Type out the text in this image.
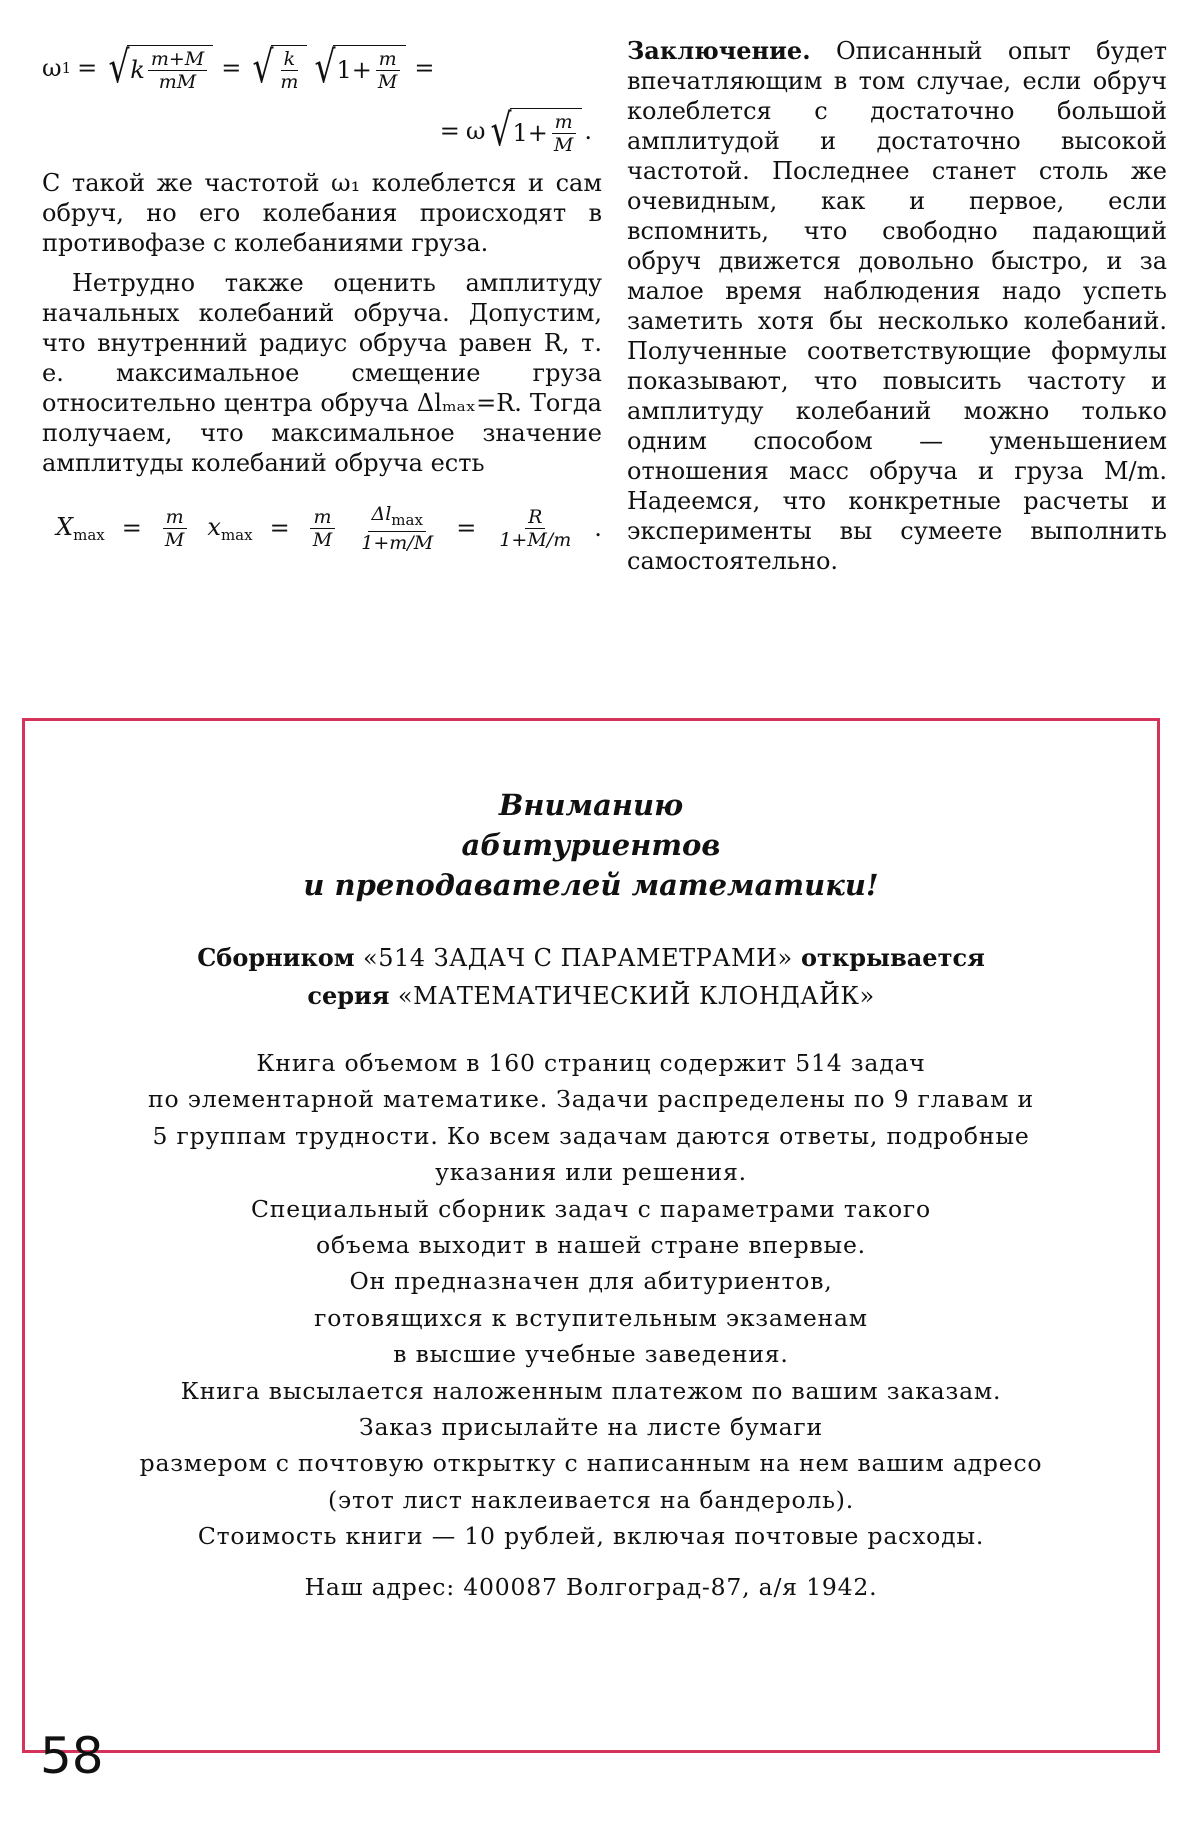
ω 1 = √ k $\frac{m+M}{mM}$ = √ $\frac{k}{m}$ √ $1+ \frac{m}{M}$ =
= ω √ $1+ \frac{m}{M}$ .

С такой же частотой ω₁ колеблется и сам обруч, но его колебания происходят в противофазе с колебаниями груза.

Нетрудно также оценить амплитуду начальных колебаний обруча. Допустим, что внутренний радиус обруча равен R, т. е. максимальное смещение груза относительно центра обруча Δlₘₐₓ=R. Тогда получаем, что максимальное значение амплитуды колебаний обруча есть

$X_{max} = \frac{m}{M} x_{max} = \frac{m}{M} \frac{\Delta l_{max}}{1+m/M} = \frac{R}{1+M/m}$ .

Заключение. Описанный опыт будет впечатляющим в том случае, если обруч колеблется с достаточно большой амплитудой и достаточно высокой частотой. Последнее станет столь же очевидным, как и первое, если вспомнить, что свободно падающий обруч движется довольно быстро, и за малое время наблюдения надо успеть заметить хотя бы несколько колебаний. Полученные соответствующие формулы показывают, что повысить частоту и амплитуду колебаний можно только одним способом — уменьшением отношения масс обруча и груза M/m. Надеемся, что конкретные расчеты и эксперименты вы сумеете выполнить самостоятельно.

Вниманию

абитуриентов

и преподавателей математики!

Сборником «514 ЗАДАЧ С ПАРАМЕТРАМИ» открывается

серия «МАТЕМАТИЧЕСКИЙ КЛОНДАЙК»

Книга объемом в 160 страниц содержит 514 задач

по элементарной математике. Задачи распределены по 9 главам и

5 группам трудности. Ко всем задачам даются ответы, подробные

указания или решения.

Специальный сборник задач с параметрами такого

объема выходит в нашей стране впервые.

Он предназначен для абитуриентов,

готовящихся к вступительным экзаменам

в высшие учебные заведения.

Книга высылается наложенным платежом по вашим заказам.

Заказ присылайте на листе бумаги

размером с почтовую открытку с написанным на нем вашим адресо

(этот лист наклеивается на бандероль).

Стоимость книги — 10 рублей, включая почтовые расходы.

Наш адрес: 400087 Волгоград-87, а/я 1942.

58
